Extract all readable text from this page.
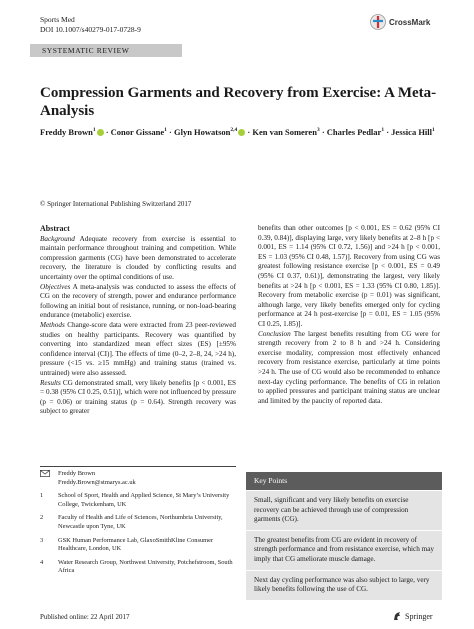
Sports Med
DOI 10.1007/s40279-017-0728-9
CrossMark
SYSTEMATIC REVIEW
Compression Garments and Recovery from Exercise: A Meta-Analysis
Freddy Brown$^1$ · Conor Gissane$^1$ · Glyn Howatson$^{2,4}$ · Ken van Someren$^3$ · Charles Pedlar$^1$ · Jessica Hill$^1$
© Springer International Publishing Switzerland 2017

Abstract

Background Adequate recovery from exercise is essential to maintain performance throughout training and competition. While compression garments (CG) have been demonstrated to accelerate recovery, the literature is clouded by conflicting results and uncertainty over the optimal conditions of use.

Objectives A meta-analysis was conducted to assess the effects of CG on the recovery of strength, power and endurance performance following an initial bout of resistance, running, or non-load-bearing endurance (metabolic) exercise.

Methods Change-score data were extracted from 23 peer-reviewed studies on healthy participants. Recovery was quantified by converting into standardized mean effect sizes (ES) [±95% confidence interval (CI)]. The effects of time (0–2, 2–8, 24, >24 h), pressure (<15 vs. ≥15 mmHg) and training status (trained vs. untrained) were also assessed.

Results CG demonstrated small, very likely benefits [p < 0.001, ES = 0.38 (95% CI 0.25, 0.51)], which were not influenced by pressure (p = 0.06) or training status (p = 0.64). Strength recovery was subject to greater

benefits than other outcomes [p < 0.001, ES = 0.62 (95% CI 0.39, 0.84)], displaying large, very likely benefits at 2–8 h [p < 0.001, ES = 1.14 (95% CI 0.72, 1.56)] and >24 h [p < 0.001, ES = 1.03 (95% CI 0.48, 1.57)]. Recovery from using CG was greatest following resistance exercise [p < 0.001, ES = 0.49 (95% CI 0.37, 0.61)], demonstrating the largest, very likely benefits at >24 h [p < 0.001, ES = 1.33 (95% CI 0.80, 1.85)]. Recovery from metabolic exercise (p = 0.01) was significant, although large, very likely benefits emerged only for cycling performance at 24 h post-exercise [p = 0.01, ES = 1.05 (95% CI 0.25, 1.85)].

Conclusion The largest benefits resulting from CG were for strength recovery from 2 to 8 h and >24 h. Considering exercise modality, compression most effectively enhanced recovery from resistance exercise, particularly at time points >24 h. The use of CG would also be recommended to enhance next-day cycling performance. The benefits of CG in relation to applied pressures and participant training status are unclear and limited by the paucity of reported data.

Freddy Brown
Freddy.Brown@stmarys.ac.uk
1	School of Sport, Health and Applied Science, St Mary’s University College, Twickenham, UK
2	Faculty of Health and Life of Sciences, Northumbria University, Newcastle upon Tyne, UK
3	GSK Human Performance Lab, GlaxoSmithKline Consumer Healthcare, London, UK
4	Water Research Group, Northwest University, Potchefstroom, South Africa
Key Points
Small, significant and very likely benefits on exercise recovery can be achieved through use of compression garments (CG).
The greatest benefits from CG are evident in recovery of strength performance and from resistance exercise, which may imply that CG ameliorate muscle damage.
Next day cycling performance was also subject to large, very likely benefits following the use of CG.
Published online: 22 April 2017	Springer
